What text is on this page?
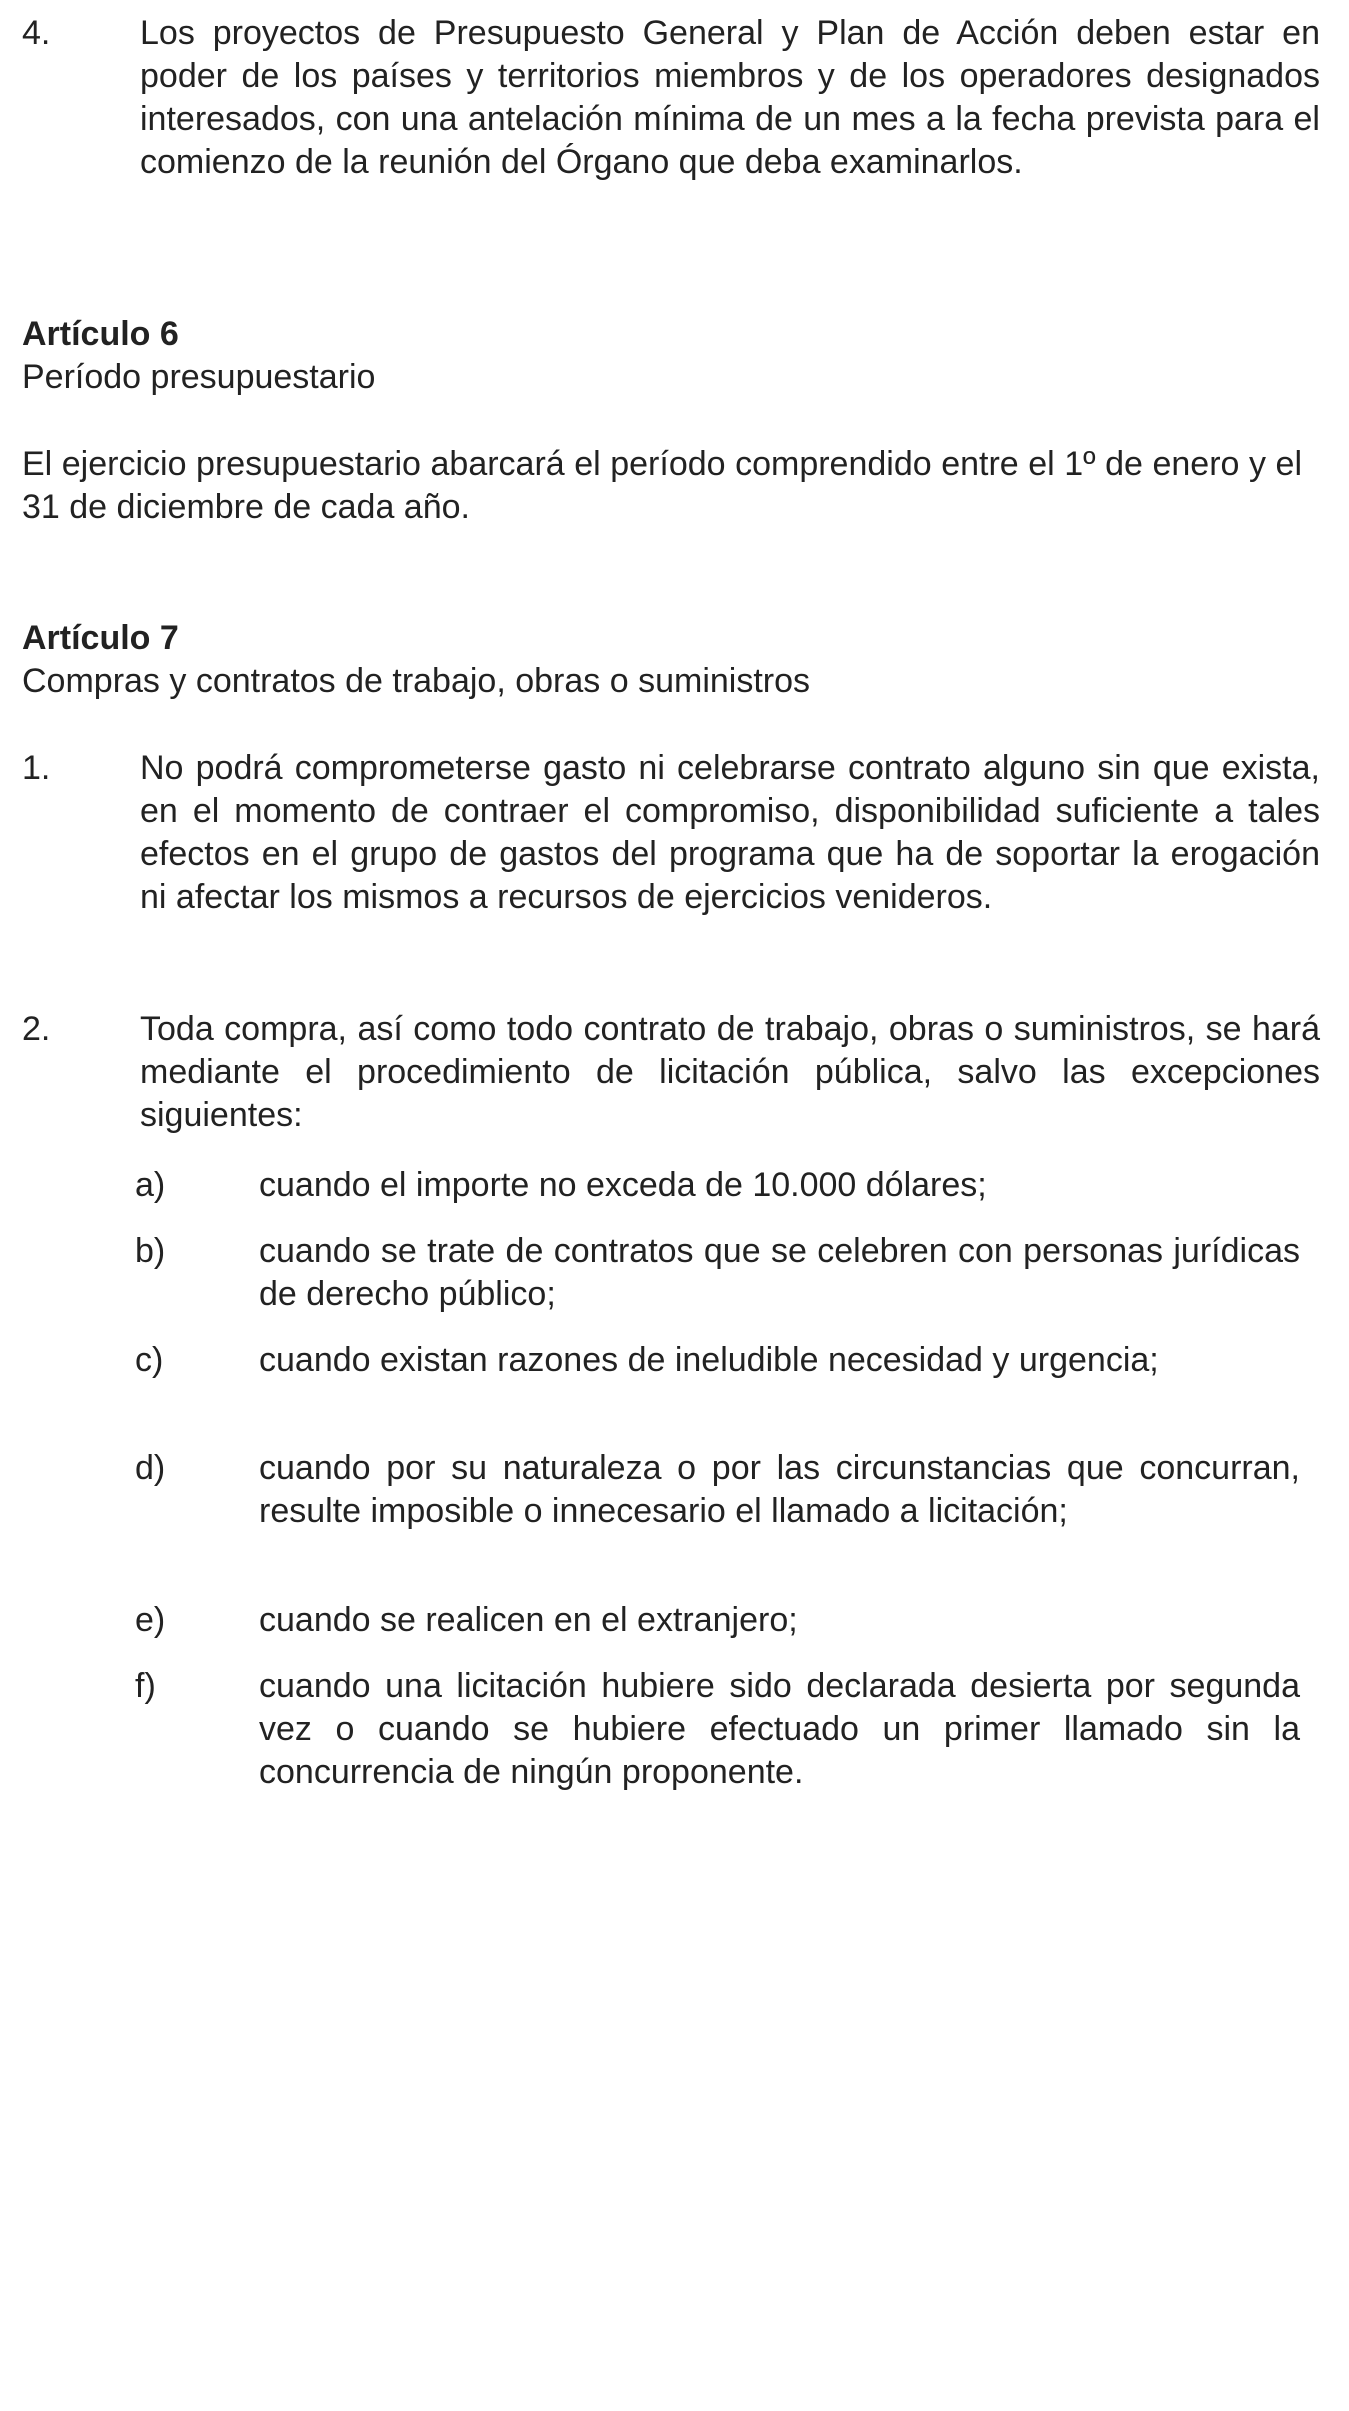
4.	Los proyectos de Presupuesto General y Plan de Acción deben estar en poder de los países y territorios miembros y de los operadores designados interesados, con una antelación mínima de un mes a la fecha prevista para el comienzo de la reunión del Órgano que deba examinarlos.
Artículo 6
Período presupuestario
El ejercicio presupuestario abarcará el período comprendido entre el 1º de enero y el 31 de diciembre de cada año.
Artículo 7
Compras y contratos de trabajo, obras o suministros
1.	No podrá comprometerse gasto ni celebrarse contrato alguno sin que exista, en el momento de contraer el compromiso, disponibilidad suficiente a tales efectos en el grupo de gastos del programa que ha de soportar la erogación ni afectar los mismos a recursos de ejercicios venideros.
2.	Toda compra, así como todo contrato de trabajo, obras o suministros, se hará mediante el procedimiento de licitación pública, salvo las excepciones siguientes:
a)	cuando el importe no exceda de 10.000 dólares;
b)	cuando se trate de contratos que se celebren con personas jurídicas de derecho público;
c)	cuando existan razones de ineludible necesidad y urgencia;
d)	cuando por su naturaleza o por las circunstancias que concurran, resulte imposible o innecesario el llamado a licitación;
e)	cuando se realicen en el extranjero;
f)	cuando una licitación hubiere sido declarada desierta por segunda vez o cuando se hubiere efectuado un primer llamado sin la concurrencia de ningún proponente.
